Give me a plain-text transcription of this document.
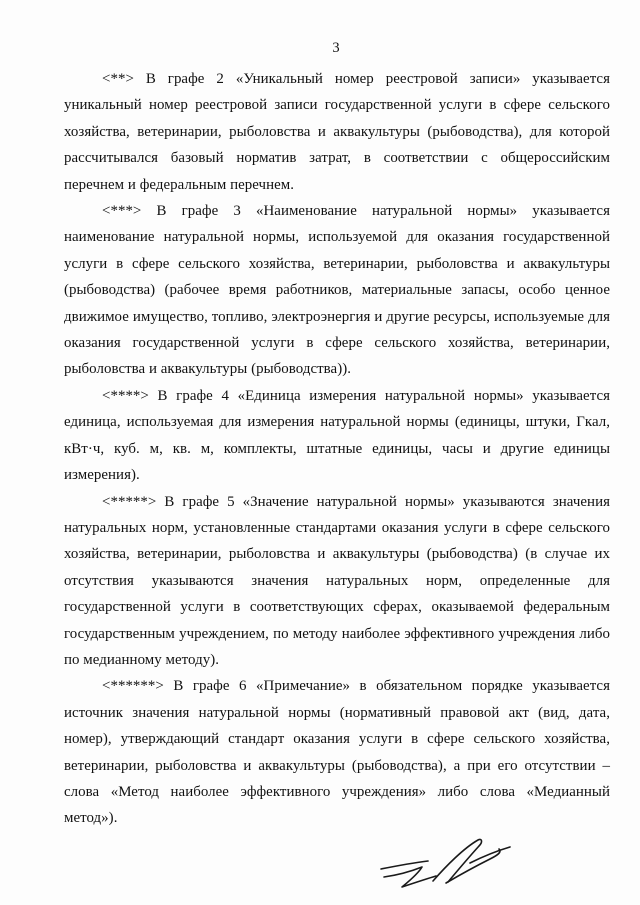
3

<**> В графе 2 «Уникальный номер реестровой записи» указывается уникальный номер реестровой записи государственной услуги в сфере сельского хозяйства, ветеринарии, рыболовства и аквакультуры (рыбоводства), для которой рассчитывался базовый норматив затрат, в соответствии с общероссийским перечнем и федеральным перечнем.

<***> В графе 3 «Наименование натуральной нормы» указывается наименование натуральной нормы, используемой для оказания государственной услуги в сфере сельского хозяйства, ветеринарии, рыболовства и аквакультуры (рыбоводства) (рабочее время работников, материальные запасы, особо ценное движимое имущество, топливо, электроэнергия и другие ресурсы, используемые для оказания государственной услуги в сфере сельского хозяйства, ветеринарии, рыболовства и аквакультуры (рыбоводства)).

<****> В графе 4 «Единица измерения натуральной нормы» указывается единица, используемая для измерения натуральной нормы (единицы, штуки, Гкал, кВт·ч, куб. м, кв. м, комплекты, штатные единицы, часы и другие единицы измерения).

<*****> В графе 5 «Значение натуральной нормы» указываются значения натуральных норм, установленные стандартами оказания услуги в сфере сельского хозяйства, ветеринарии, рыболовства и аквакультуры (рыбоводства) (в случае их отсутствия указываются значения натуральных норм, определенные для государственной услуги в соответствующих сферах, оказываемой федеральным государственным учреждением, по методу наиболее эффективного учреждения либо по медианному методу).

<******> В графе 6 «Примечание» в обязательном порядке указывается источник значения натуральной нормы (нормативный правовой акт (вид, дата, номер), утверждающий стандарт оказания услуги в сфере сельского хозяйства, ветеринарии, рыболовства и аквакультуры (рыбоводства), а при его отсутствии – слова «Метод наиболее эффективного учреждения» либо слова «Медианный метод»).
